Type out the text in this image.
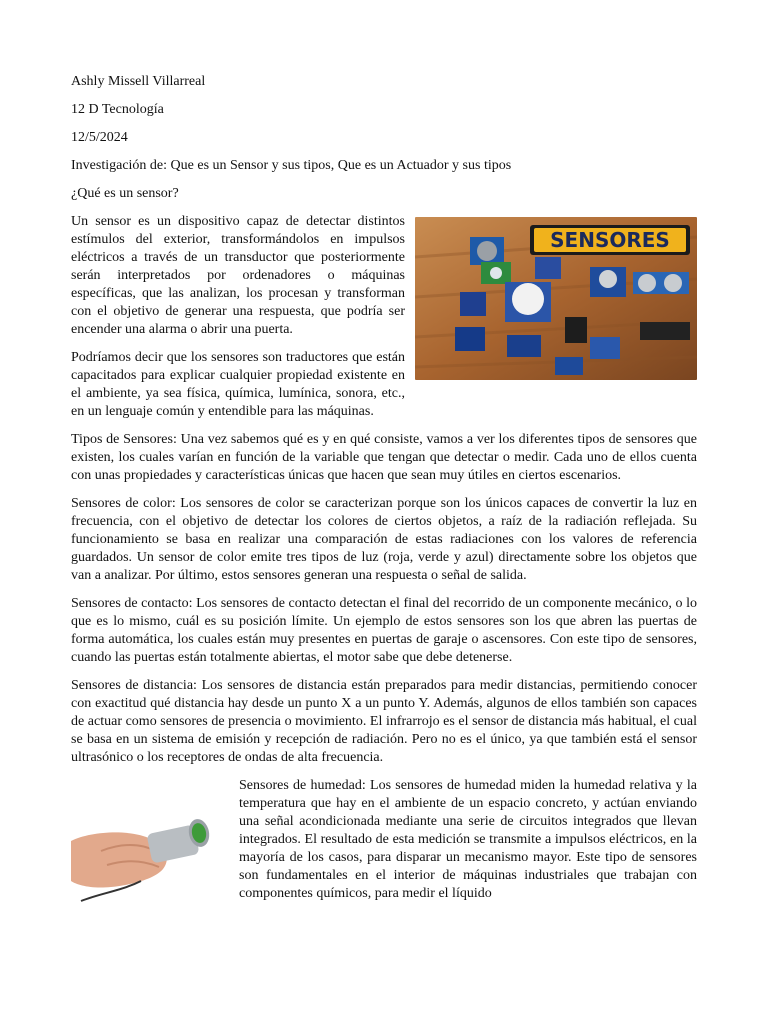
Ashly Missell Villarreal
12 D Tecnología
12/5/2024
Investigación de: Que es un Sensor y sus tipos, Que es un Actuador y sus tipos
¿Qué es un sensor?
SENSORES

Un sensor es un dispositivo capaz de detectar distintos estímulos del exterior, transformándolos en impulsos eléctricos a través de un transductor que posteriormente serán interpretados por ordenadores o máquinas específicas, que las analizan, los procesan y transforman con el objetivo de generar una respuesta, que podría ser encender una alarma o abrir una puerta.

Podríamos decir que los sensores son traductores que están capacitados para explicar cualquier propiedad existente en el ambiente, ya sea física, química, lumínica, sonora, etc., en un lenguaje común y entendible para las máquinas.

Tipos de Sensores: Una vez sabemos qué es y en qué consiste, vamos a ver los diferentes tipos de sensores que existen, los cuales varían en función de la variable que tengan que detectar o medir. Cada uno de ellos cuenta con unas propiedades y características únicas que hacen que sean muy útiles en ciertos escenarios.

Sensores de color: Los sensores de color se caracterizan porque son los únicos capaces de convertir la luz en frecuencia, con el objetivo de detectar los colores de ciertos objetos, a raíz de la radiación reflejada. Su funcionamiento se basa en realizar una comparación de estas radiaciones con los valores de referencia guardados. Un sensor de color emite tres tipos de luz (roja, verde y azul) directamente sobre los objetos que van a analizar. Por último, estos sensores generan una respuesta o señal de salida.

Sensores de contacto: Los sensores de contacto detectan el final del recorrido de un componente mecánico, o lo que es lo mismo, cuál es su posición límite. Un ejemplo de estos sensores son los que abren las puertas de forma automática, los cuales están muy presentes en puertas de garaje o ascensores. Con este tipo de sensores, cuando las puertas están totalmente abiertas, el motor sabe que debe detenerse.

Sensores de distancia: Los sensores de distancia están preparados para medir distancias, permitiendo conocer con exactitud qué distancia hay desde un punto X a un punto Y. Además, algunos de ellos también son capaces de actuar como sensores de presencia o movimiento. El infrarrojo es el sensor de distancia más habitual, el cual se basa en un sistema de emisión y recepción de radiación. Pero no es el único, ya que también está el sensor ultrasónico o los receptores de ondas de alta frecuencia.

Sensores de humedad: Los sensores de humedad miden la humedad relativa y la temperatura que hay en el ambiente de un espacio concreto, y actúan enviando una señal acondicionada mediante una serie de circuitos integrados que llevan integrados. El resultado de esta medición se transmite a impulsos eléctricos, en la mayoría de los casos, para disparar un mecanismo mayor. Este tipo de sensores son fundamentales en el interior de máquinas industriales que trabajan con componentes químicos, para medir el líquido
